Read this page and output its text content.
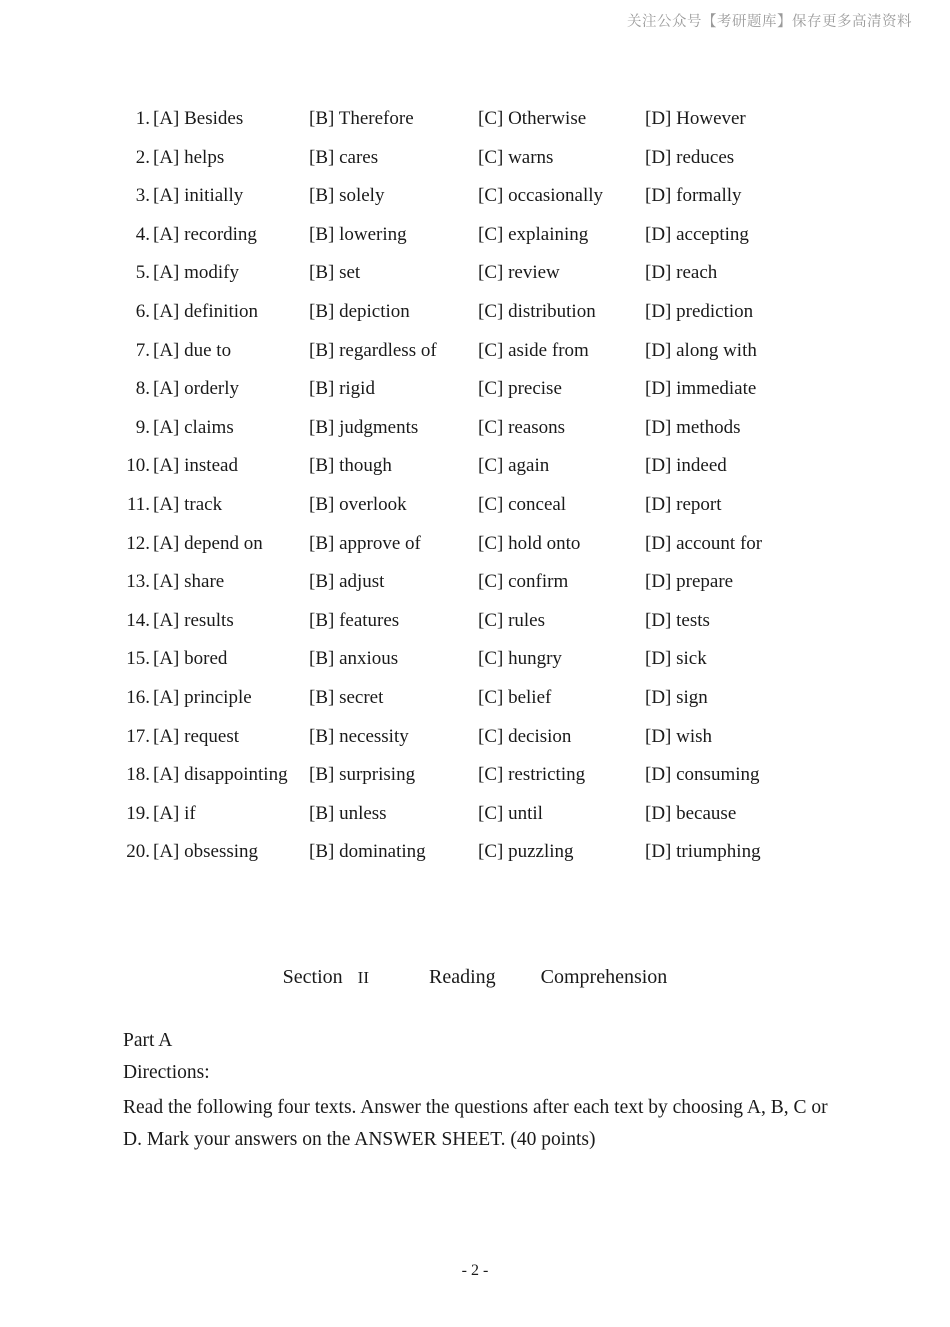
关注公众号【考研题库】保存更多高清资料
1. [A] Besides	[B] Therefore	[C] Otherwise	[D] However
2. [A] helps	[B] cares	[C] warns	[D] reduces
3. [A] initially	[B] solely	[C] occasionally [D] formally
4. [A] recording	[B] lowering	[C] explaining	[D] accepting
5. [A] modify	[B] set	[C] review	[D] reach
6. [A] definition	[B] depiction	[C] distribution	[D] prediction
7. [A] due to	[B] regardless of [C] aside from	[D] along with
8. [A] orderly	[B] rigid	[C] precise	[D] immediate
9. [A] claims	[B] judgments	[C] reasons	[D] methods
10. [A] instead	[B] though	[C] again	[D] indeed
11. [A] track	[B] overlook	[C] conceal	[D] report
12. [A] depend on [B] approve of	[C] hold onto	[D] account for
13. [A] share	[B] adjust	[C] confirm	[D] prepare
14. [A] results	[B] features	[C] rules	[D] tests
15. [A] bored	[B] anxious	[C] hungry	[D] sick
16. [A] principle	[B] secret	[C] belief	[D] sign
17. [A] request	[B] necessity	[C] decision	[D] wish
18. [A] disappointing [B] surprising	[C] restricting	[D] consuming
19. [A] if	[B] unless	[C] until	[D] because
20. [A] obsessing	[B] dominating	[C] puzzling	[D] triumphing
Section II	Reading Comprehension
Part A
Directions:
Read the following four texts. Answer the questions after each text by choosing A, B, C or D. Mark your answers on the ANSWER SHEET. (40 points)
- 2 -
